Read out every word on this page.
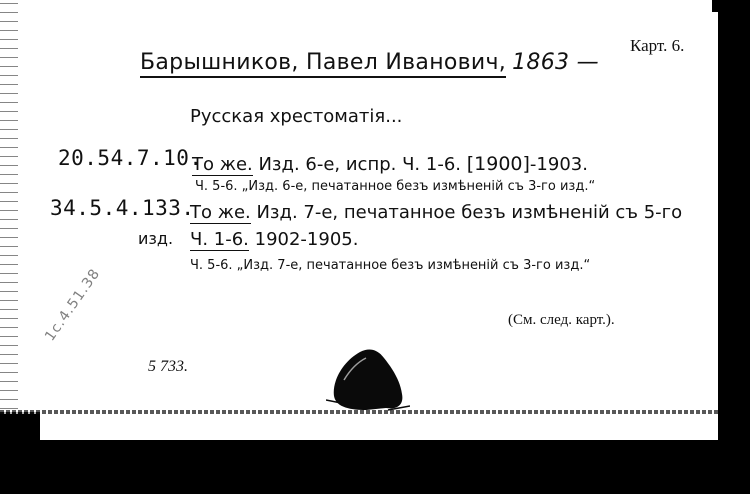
Карт. 6.
Барышников, Павел Иванович, 1863 —
Русская хрестоматія...
20.54.7.10.
34.5.4.133.
То же. Изд. 6-е, испр. Ч. 1-6. [1900]-1903.
Ч. 5-6. „Изд. 6-е, печатанное безъ измѣненій съ 3-го изд.“
То же. Изд. 7-е, печатанное безъ измѣненій съ 5-го
изд. Ч. 1-6. 1902-1905.
Ч. 5-6. „Изд. 7-е, печатанное безъ измѣненій съ 3-го изд.“
(См. след. карт.).
1с.4.51.38
5 733.
